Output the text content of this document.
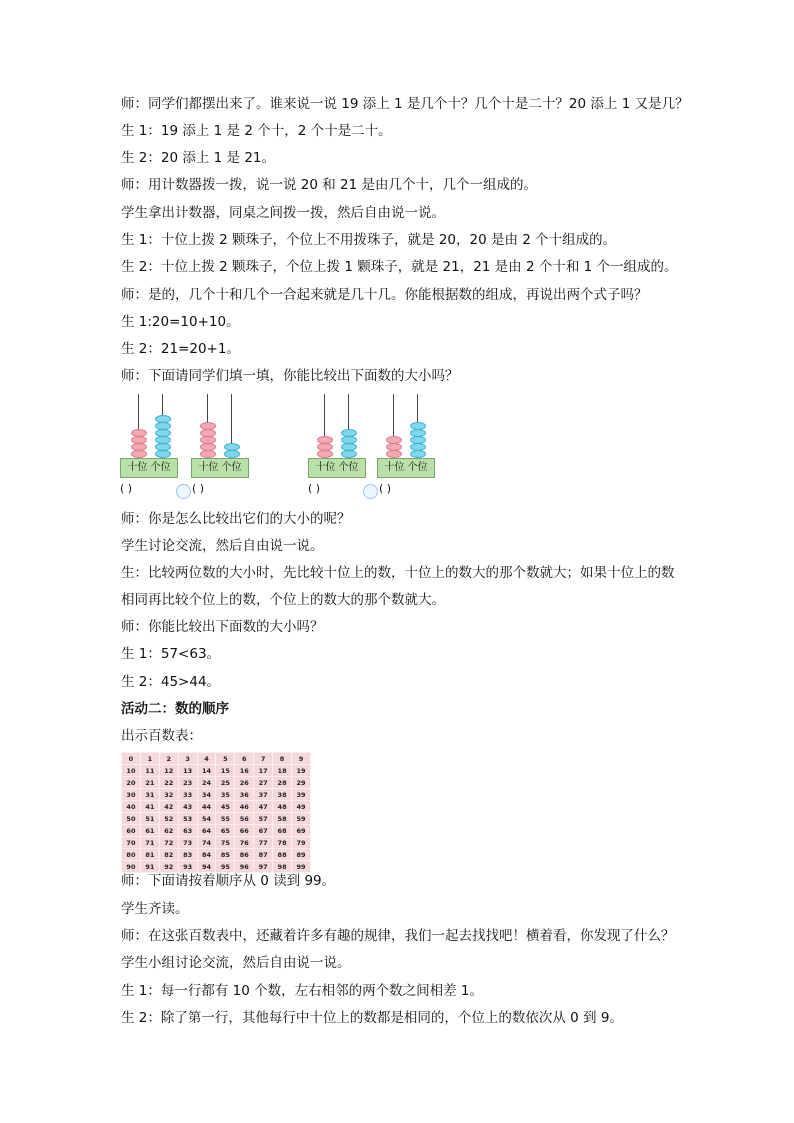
师：同学们都摆出来了。谁来说一说 19 添上 1 是几个十？几个十是二十？20 添上 1 又是几？
生 1：19 添上 1 是 2 个十，2 个十是二十。
生 2：20 添上 1 是 21。
师：用计数器拨一拨，说一说 20 和 21 是由几个十，几个一组成的。
学生拿出计数器，同桌之间拨一拨，然后自由说一说。
生 1：十位上拨 2 颗珠子，个位上不用拨珠子，就是 20，20 是由 2 个十组成的。
生 2：十位上拨 2 颗珠子，个位上拨 1 颗珠子，就是 21，21 是由 2 个十和 1 个一组成的。
师：是的，几个十和几个一合起来就是几十几。你能根据数的组成，再说出两个式子吗？
生 1:20=10+10。
生 2：21=20+1。
师：下面请同学们填一填，你能比较出下面数的大小吗？
十位 个位	十位 个位	十位 个位	十位 个位
( )	( )	( )	( )
师：你是怎么比较出它们的大小的呢？
学生讨论交流，然后自由说一说。
生：比较两位数的大小时，先比较十位上的数，十位上的数大的那个数就大；如果十位上的数
相同再比较个位上的数，个位上的数大的那个数就大。
师：你能比较出下面数的大小吗？
生 1：57<63。
生 2：45>44。
活动二：数的顺序
出示百数表：
0	1	2	3	4	5	6	7	8	9
10	11	12	13	14	15	16	17	18	19
20	21	22	23	24	25	26	27	28	29
30	31	32	33	34	35	36	37	38	39
40	41	42	43	44	45	46	47	48	49
50	51	52	53	54	55	56	57	58	59
60	61	62	63	64	65	66	67	68	69
70	71	72	73	74	75	76	77	78	79
80	81	82	83	84	85	86	87	88	89
90	91	92	93	94	95	96	97	98	99
师：下面请按着顺序从 0 读到 99。
学生齐读。
师：在这张百数表中，还藏着许多有趣的规律，我们一起去找找吧！横着看，你发现了什么？
学生小组讨论交流，然后自由说一说。
生 1：每一行都有 10 个数，左右相邻的两个数之间相差 1。
生 2：除了第一行，其他每行中十位上的数都是相同的，个位上的数依次从 0 到 9。
